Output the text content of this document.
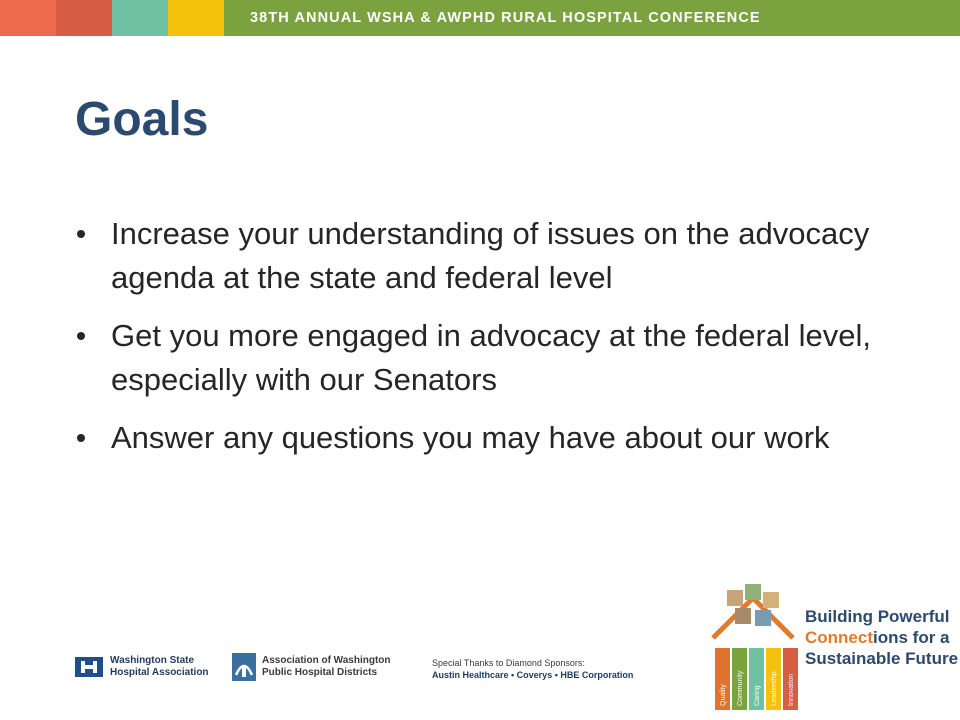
38TH ANNUAL WSHA & AWPHD RURAL HOSPITAL CONFERENCE
Goals
Increase your understanding of issues on the advocacy agenda at the state and federal level
Get you more engaged in advocacy at the federal level, especially with our Senators
Answer any questions you may have about our work
Washington State
Hospital Association
Association of Washington
Public Hospital Districts
Special Thanks to Diamond Sponsors:
Austin Healthcare • Coverys • HBE Corporation
Quality Community Caring Leadership Innovation
Building Powerful
Connections for a
Sustainable Future
